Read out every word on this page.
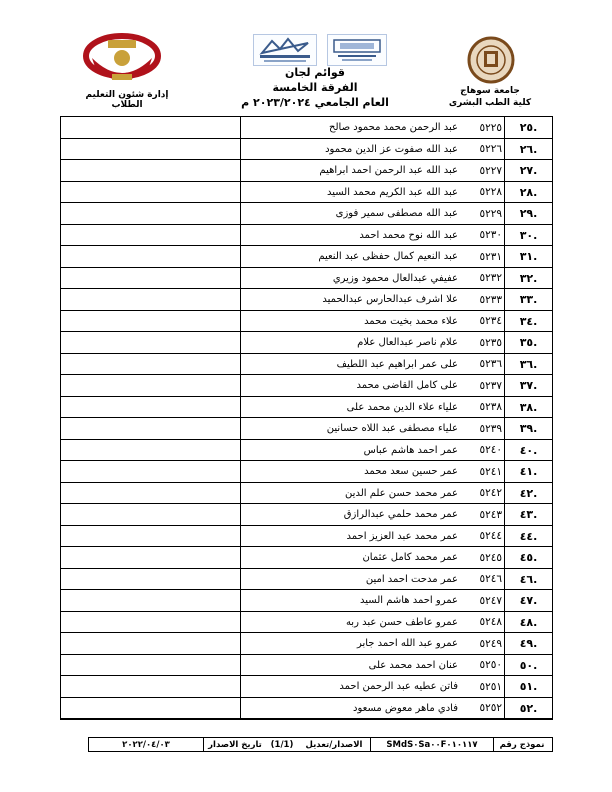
إدارة شئون التعليم الطلاب
جامعة سوهاج
كلية الطب البشرى
قوائم لجان
الفرقة الخامسة
العام الجامعي ٢٠٢٣/٢٠٢٤ م
.٢٥
٥٢٢٥
عبد الرحمن محمد محمود صالح
.٢٦
٥٢٢٦
عبد الله صفوت عز الدين محمود
.٢٧
٥٢٢٧
عبد الله عبد الرحمن احمد ابراهيم
.٢٨
٥٢٢٨
عبد الله عبد الكريم محمد السيد
.٢٩
٥٢٢٩
عبد الله مصطفى سمير فوزى
.٣٠
٥٢٣٠
عبد الله نوح محمد احمد
.٣١
٥٢٣١
عبد النعيم كمال حفظى عبد النعيم
.٣٢
٥٢٣٢
عفيفي عبدالعال محمود وزيري
.٣٣
٥٢٣٣
علا اشرف عبدالحارس عبدالحميد
.٣٤
٥٢٣٤
علاء محمد بخيت محمد
.٣٥
٥٢٣٥
علام ناصر عبدالعال علام
.٣٦
٥٢٣٦
على عمر ابراهيم عبد اللطيف
.٣٧
٥٢٣٧
على كامل القاضى محمد
.٣٨
٥٢٣٨
علياء علاء الدين محمد على
.٣٩
٥٢٣٩
علياء مصطفى عبد اللاه حسانين
.٤٠
٥٢٤٠
عمر احمد هاشم عباس
.٤١
٥٢٤١
عمر حسين سعد محمد
.٤٢
٥٢٤٢
عمر محمد حسن علم الدين
.٤٣
٥٢٤٣
عمر محمد حلمي عبدالرازق
.٤٤
٥٢٤٤
عمر محمد عبد العزيز احمد
.٤٥
٥٢٤٥
عمر محمد كامل عثمان
.٤٦
٥٢٤٦
عمر مدحت احمد امين
.٤٧
٥٢٤٧
عمرو احمد هاشم السيد
.٤٨
٥٢٤٨
عمرو عاطف حسن عبد ربه
.٤٩
٥٢٤٩
عمرو عبد الله احمد جابر
.٥٠
٥٢٥٠
عنان احمد محمد على
.٥١
٥٢٥١
فاتن عطيه عبد الرحمن احمد
.٥٢
٥٢٥٢
فادي ماهر معوض مسعود
نموذج رقم
SMdS٠Sa٠٠F٠١٠١١٧
الاصدار/تعديل
(1/1)
تاريخ الاصدار
٢٠٢٢/٠٤/٠٣
